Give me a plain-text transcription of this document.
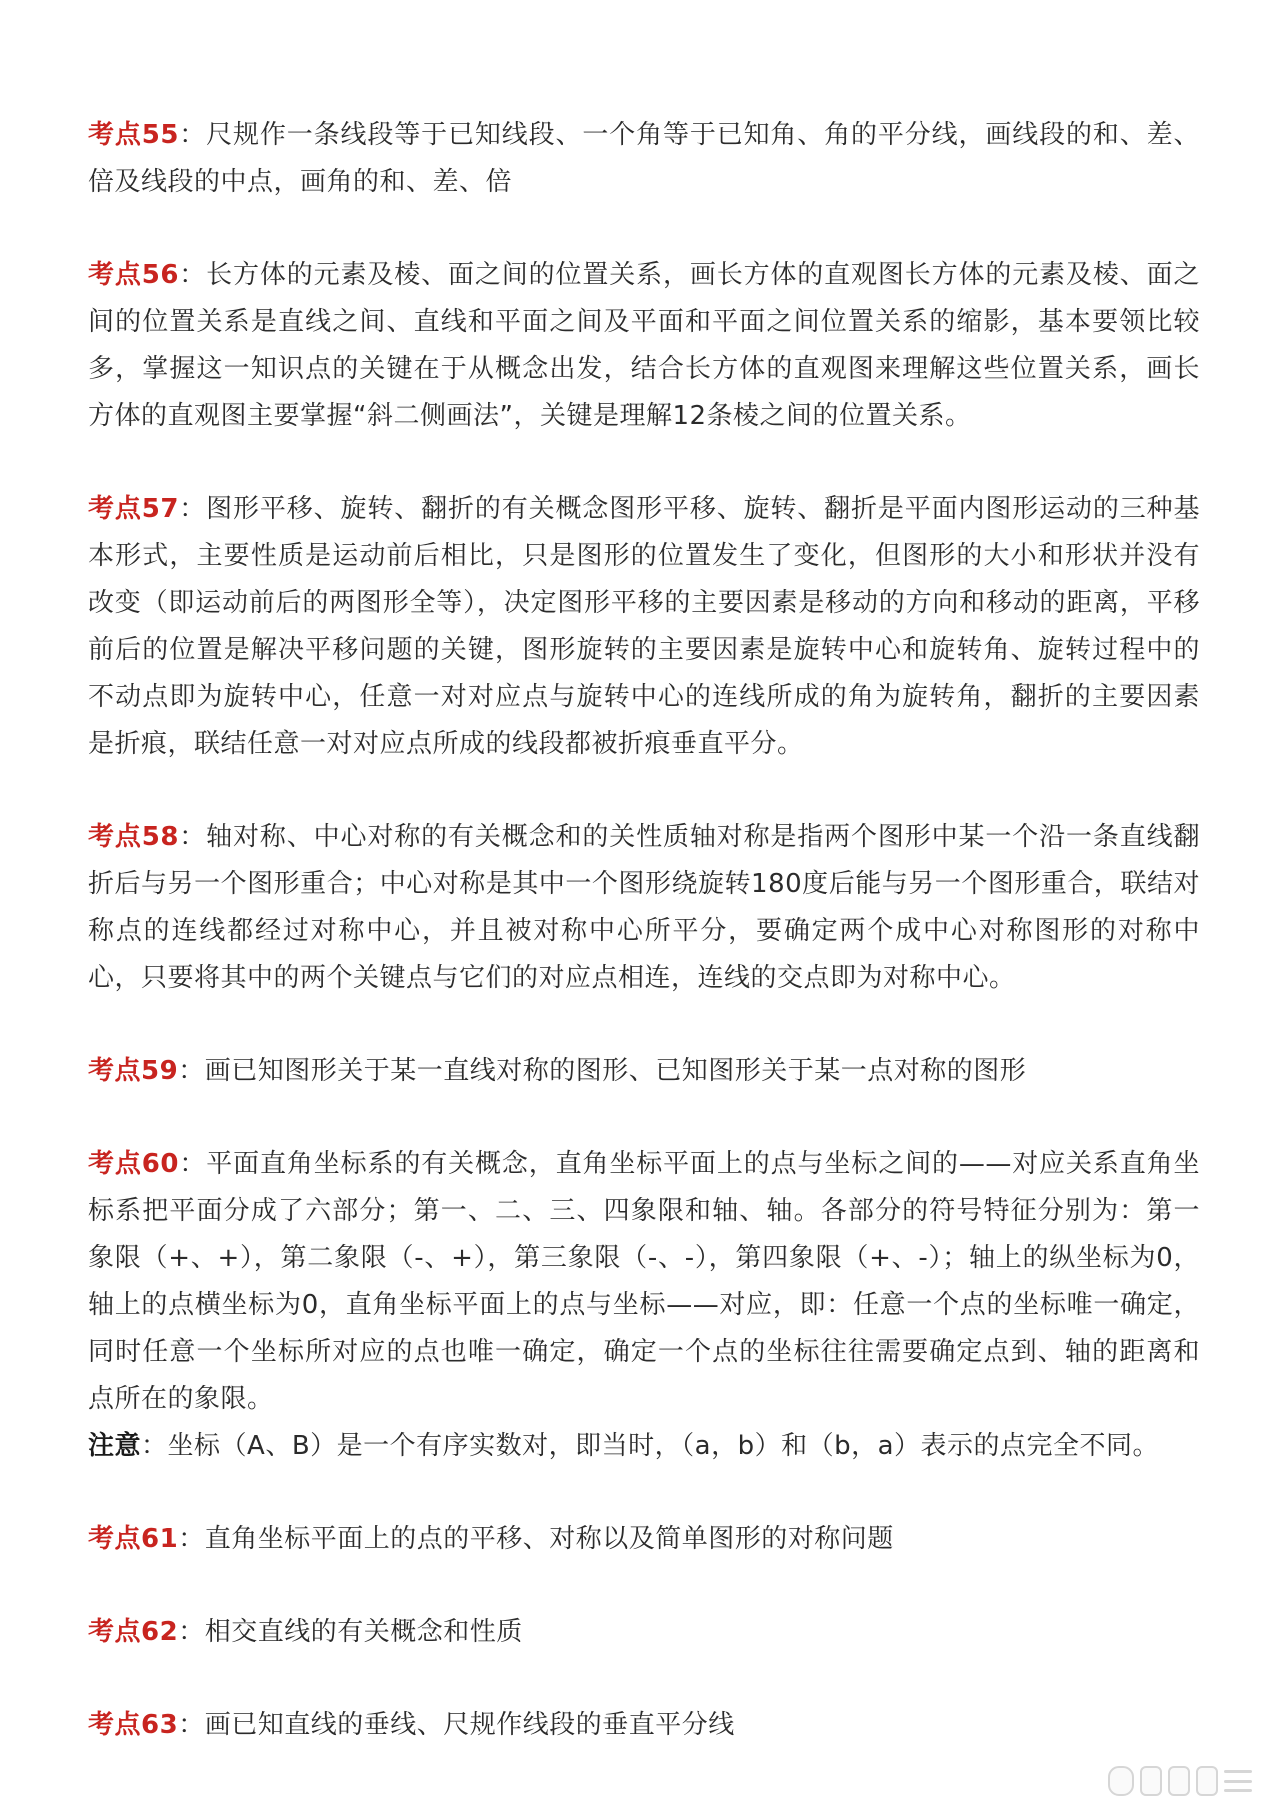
考点55：尺规作一条线段等于已知线段、一个角等于已知角、角的平分线，画线段的和、差、倍及线段的中点，画角的和、差、倍

考点56：长方体的元素及棱、面之间的位置关系，画长方体的直观图长方体的元素及棱、面之间的位置关系是直线之间、直线和平面之间及平面和平面之间位置关系的缩影，基本要领比较多，掌握这一知识点的关键在于从概念出发，结合长方体的直观图来理解这些位置关系，画长方体的直观图主要掌握“斜二侧画法”，关键是理解12条棱之间的位置关系。

考点57：图形平移、旋转、翻折的有关概念图形平移、旋转、翻折是平面内图形运动的三种基本形式，主要性质是运动前后相比，只是图形的位置发生了变化，但图形的大小和形状并没有改变（即运动前后的两图形全等），决定图形平移的主要因素是移动的方向和移动的距离，平移前后的位置是解决平移问题的关键，图形旋转的主要因素是旋转中心和旋转角、旋转过程中的不动点即为旋转中心，任意一对对应点与旋转中心的连线所成的角为旋转角，翻折的主要因素是折痕，联结任意一对对应点所成的线段都被折痕垂直平分。

考点58：轴对称、中心对称的有关概念和的关性质轴对称是指两个图形中某一个沿一条直线翻折后与另一个图形重合；中心对称是其中一个图形绕旋转180度后能与另一个图形重合，联结对称点的连线都经过对称中心，并且被对称中心所平分，要确定两个成中心对称图形的对称中心，只要将其中的两个关键点与它们的对应点相连，连线的交点即为对称中心。

考点59：画已知图形关于某一直线对称的图形、已知图形关于某一点对称的图形

考点60：平面直角坐标系的有关概念，直角坐标平面上的点与坐标之间的——对应关系直角坐标系把平面分成了六部分；第一、二、三、四象限和轴、轴。各部分的符号特征分别为：第一象限（+、+），第二象限（-、+），第三象限（-、-），第四象限（+、-）；轴上的纵坐标为0，轴上的点横坐标为0，直角坐标平面上的点与坐标——对应，即：任意一个点的坐标唯一确定，同时任意一个坐标所对应的点也唯一确定，确定一个点的坐标往往需要确定点到、轴的距离和点所在的象限。

注意：坐标（A、B）是一个有序实数对，即当时，（a，b）和（b，a）表示的点完全不同。

考点61：直角坐标平面上的点的平移、对称以及简单图形的对称问题

考点62：相交直线的有关概念和性质

考点63：画已知直线的垂线、尺规作线段的垂直平分线
